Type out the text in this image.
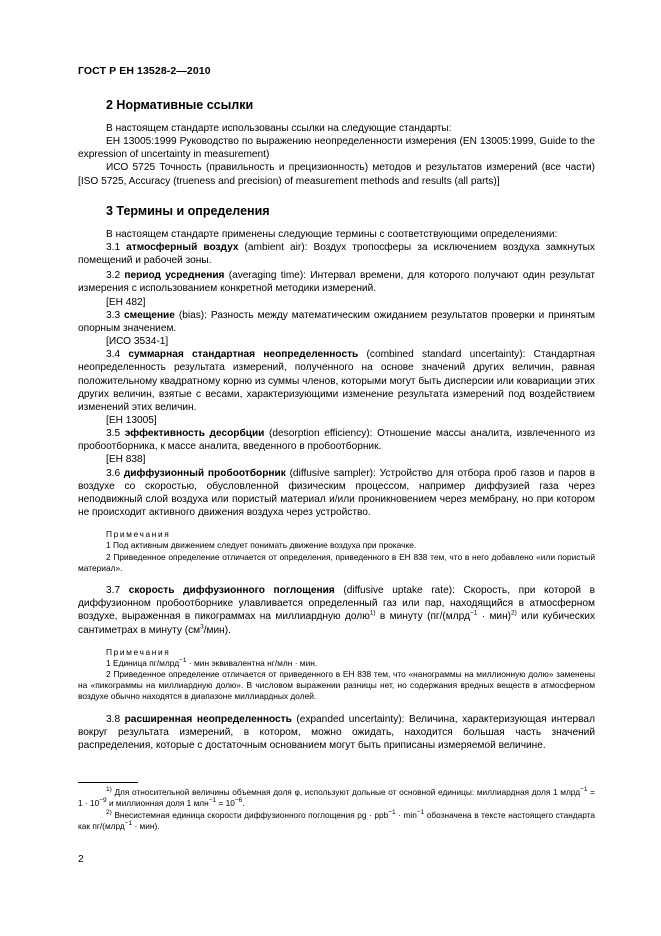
ГОСТ Р ЕН 13528-2—2010
2 Нормативные ссылки

В настоящем стандарте использованы ссылки на следующие стандарты:

ЕН 13005:1999 Руководство по выражению неопределенности измерения (EN 13005:1999, Guide to the expression of uncertainty in measurement)

ИСО 5725 Точность (правильность и прецизионность) методов и результатов измерений (все части) [ISO 5725, Accuracy (trueness and precision) of measurement methods and results (all parts)]

3 Термины и определения

В настоящем стандарте применены следующие термины с соответствующими определениями:

3.1 атмосферный воздух (ambient air): Воздух тропосферы за исключением воздуха замкнутых помещений и рабочей зоны.

3.2 период усреднения (averaging time): Интервал времени, для которого получают один результат измерения с использованием конкретной методики измерений.

[ЕН 482]

3.3 смещение (bias): Разность между математическим ожиданием результатов проверки и принятым опорным значением.

[ИСО 3534-1]

3.4 суммарная стандартная неопределенность (combined standard uncertainty): Стандартная неопределенность результата измерений, полученного на основе значений других величин, равная положительному квадратному корню из суммы членов, которыми могут быть дисперсии или ковариации этих других величин, взятые с весами, характеризующими изменение результата измерений под воздействием изменений этих величин.

[ЕН 13005]

3.5 эффективность десорбции (desorption efficiency): Отношение массы аналита, извлеченного из пробоотборника, к массе аналита, введенного в пробоотборник.

[ЕН 838]

3.6 диффузионный пробоотборник (diffusive sampler): Устройство для отбора проб газов и паров в воздухе со скоростью, обусловленной физическим процессом, например диффузией газа через неподвижный слой воздуха или пористый материал и/или проникновением через мембрану, но при котором не происходит активного движения воздуха через устройство.

Примечания

1 Под активным движением следует понимать движение воздуха при прокачке.

2 Приведенное определение отличается от определения, приведенного в ЕН 838 тем, что в него добавлено «или пористый материал».

3.7 скорость диффузионного поглощения (diffusive uptake rate): Скорость, при которой в диффузионном пробоотборнике улавливается определенный газ или пар, находящийся в атмосферном воздухе, выраженная в пикограммах на миллиардную долю$^{1)}$ в минуту (пг/(млрд$^{-1}$ · мин)$^{2)}$ или кубических сантиметрах в минуту $(см^3/мин)$.

Примечания

1 Единица пг/млрд$^{-1}$ · мин эквивалентна нг/млн · мин.

2 Приведенное определение отличается от приведенного в ЕН 838 тем, что «нанограммы на миллионную долю» заменены на «пикограммы на миллиардную долю». В числовом выражении разницы нет, но содержания вредных веществ в атмосферном воздухе обычно находятся в диапазоне миллиардных долей.

3.8 расширенная неопределенность (expanded uncertainty): Величина, характеризующая интервал вокруг результата измерений, в котором, можно ожидать, находится большая часть значений распределения, которые с достаточным основанием могут быть приписаны измеряемой величине.

$^{1)}$ Для относительной величины объемная доля φ, используют дольные от основной единицы: миллиардная доля 1 млрд$^{-1}$ = $1 \cdot 10^{-9}$ и миллионная доля 1 $млн^{-1} = 10^{-6}$.

$^{2)}$ Внесистемная единица скорости диффузионного поглощения pg · $ppb^{-1} \cdot \min^{-1}$ обозначена в тексте настоящего стандарта как пг/(млрд$^{-1}$ · мин).

2
